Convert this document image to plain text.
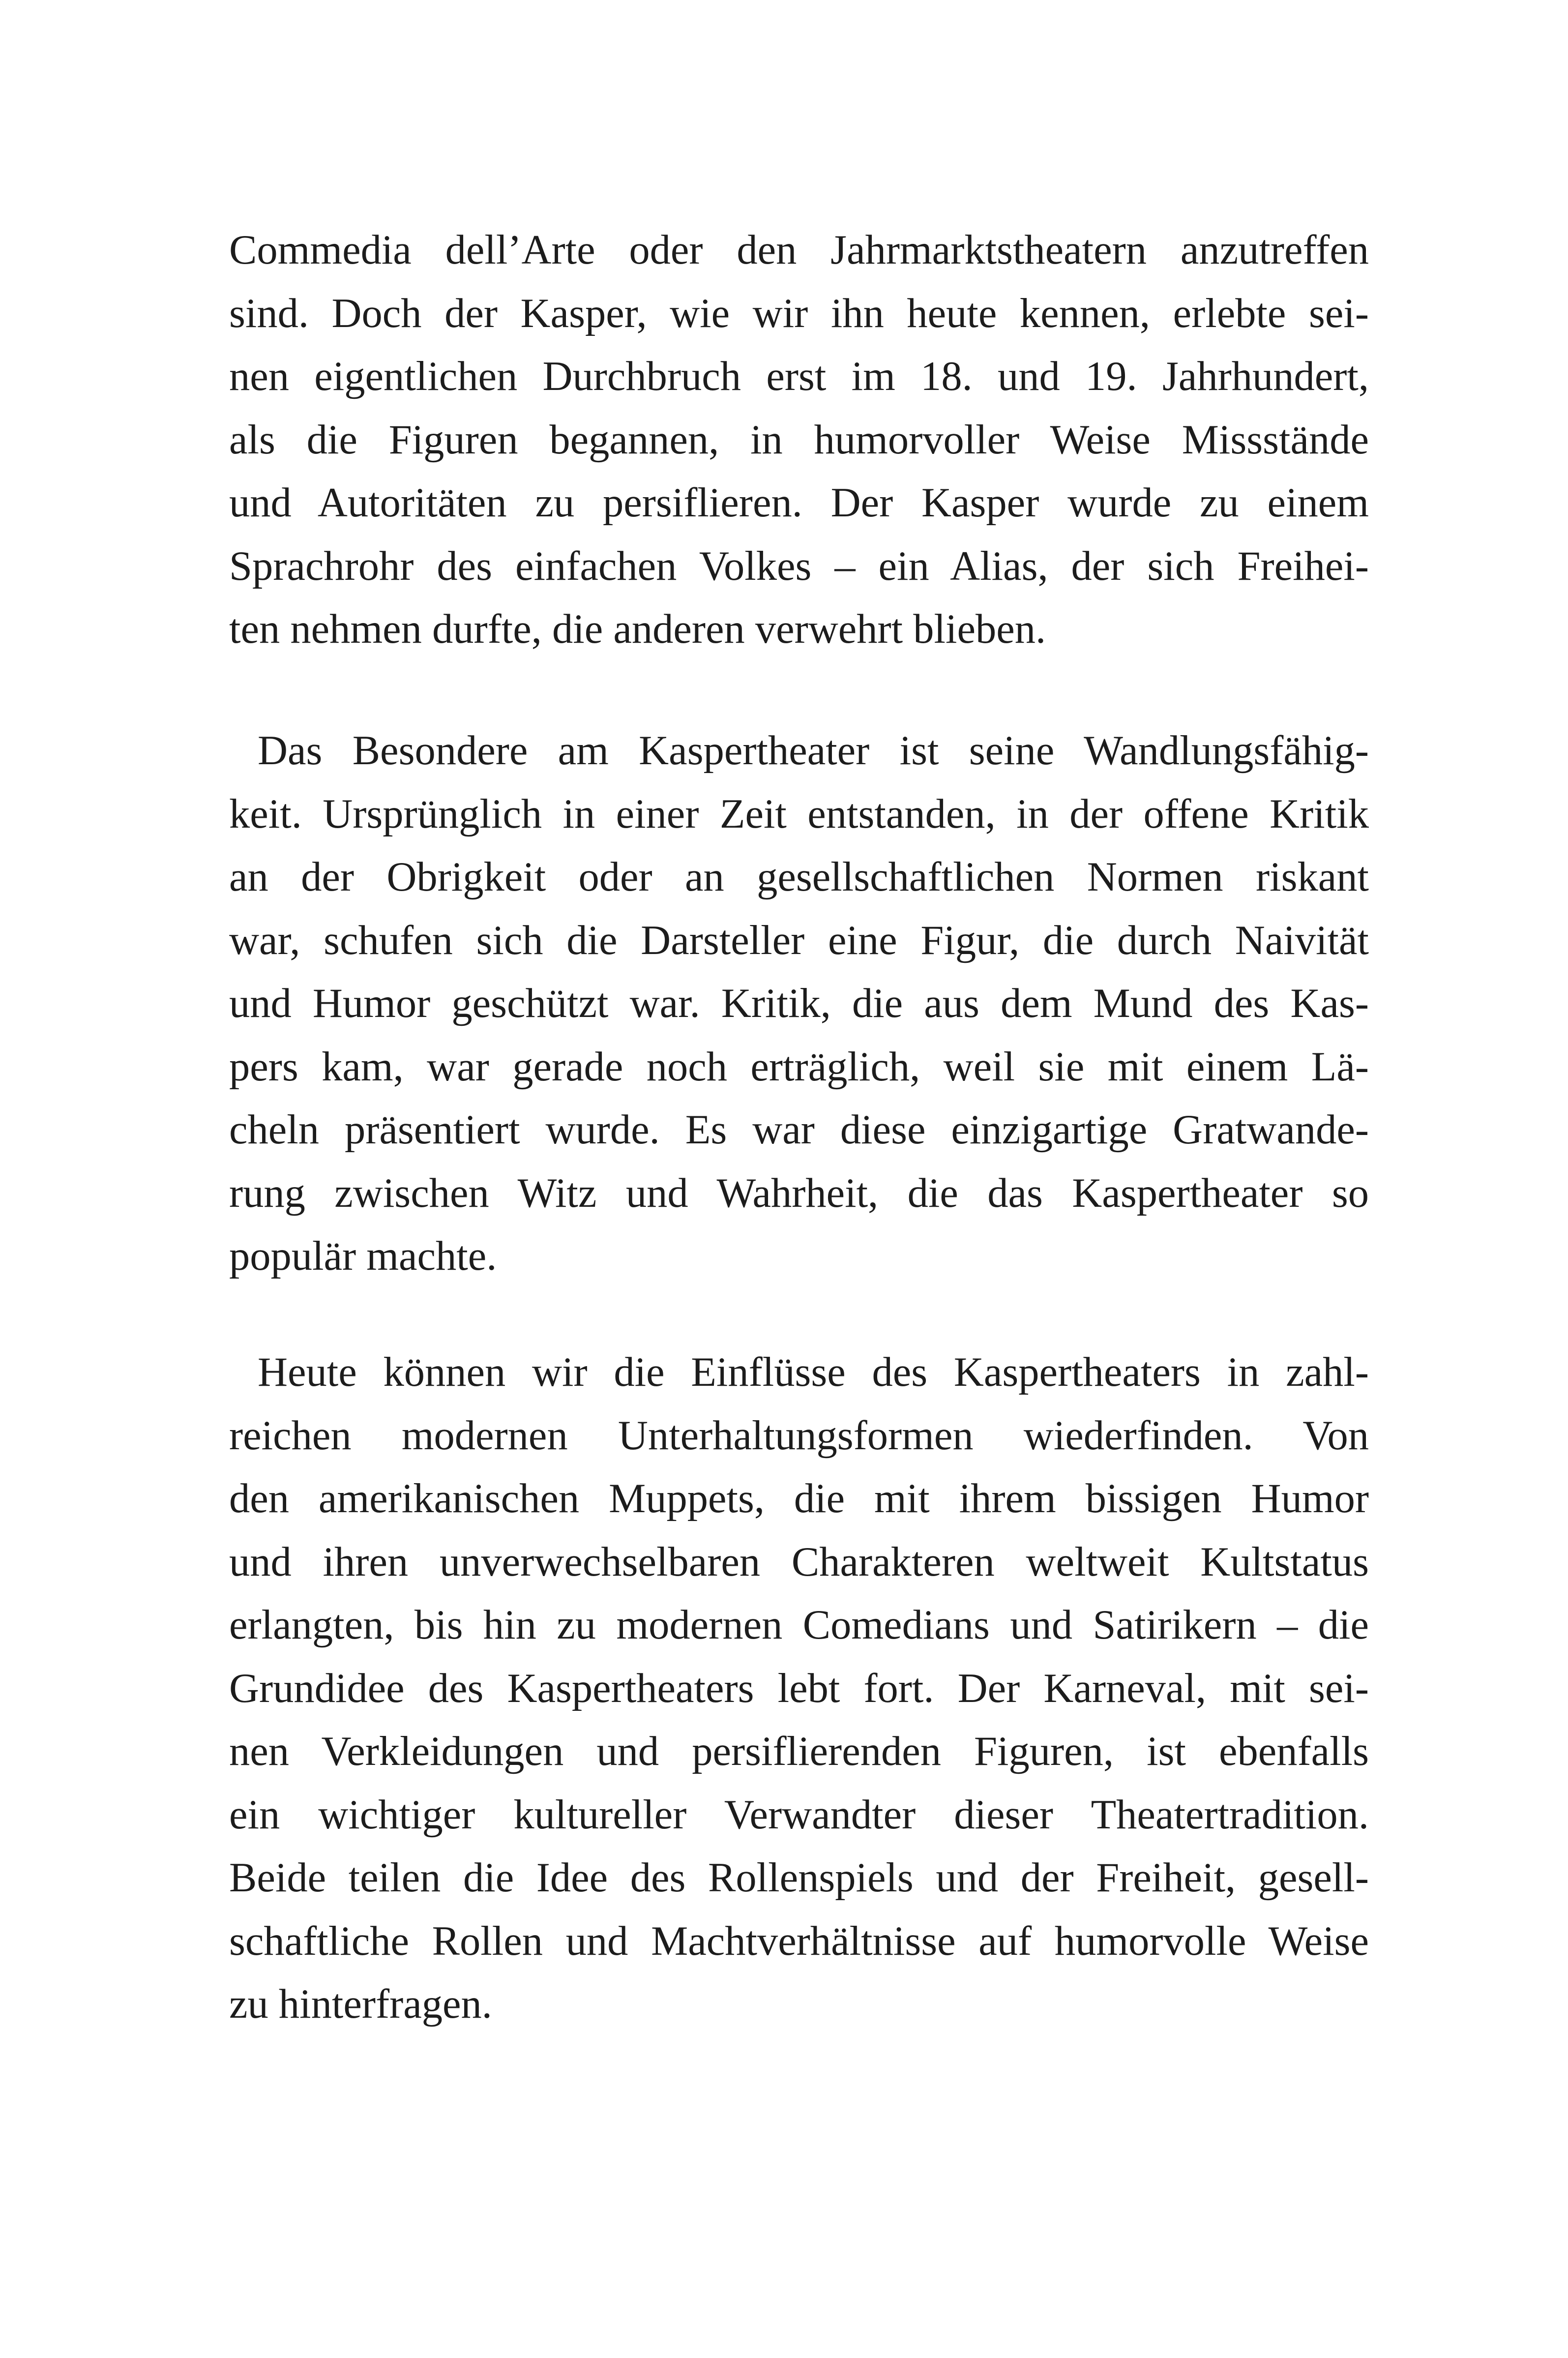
Commedia dell’Arte oder den Jahrmarktstheatern anzutreffen
sind. Doch der Kasper, wie wir ihn heute kennen, erlebte sei-
nen eigentlichen Durchbruch erst im 18. und 19. Jahrhundert,
als die Figuren begannen, in humorvoller Weise Missstände
und Autoritäten zu persiflieren. Der Kasper wurde zu einem
Sprachrohr des einfachen Volkes – ein Alias, der sich Freihei-
ten nehmen durfte, die anderen verwehrt blieben.
Das Besondere am Kaspertheater ist seine Wandlungsfähig-
keit. Ursprünglich in einer Zeit entstanden, in der offene Kritik
an der Obrigkeit oder an gesellschaftlichen Normen riskant
war, schufen sich die Darsteller eine Figur, die durch Naivität
und Humor geschützt war. Kritik, die aus dem Mund des Kas-
pers kam, war gerade noch erträglich, weil sie mit einem Lä-
cheln präsentiert wurde. Es war diese einzigartige Gratwande-
rung zwischen Witz und Wahrheit, die das Kaspertheater so
populär machte.
Heute können wir die Einflüsse des Kaspertheaters in zahl-
reichen modernen Unterhaltungsformen wiederfinden. Von
den amerikanischen Muppets, die mit ihrem bissigen Humor
und ihren unverwechselbaren Charakteren weltweit Kultstatus
erlangten, bis hin zu modernen Comedians und Satirikern – die
Grundidee des Kaspertheaters lebt fort. Der Karneval, mit sei-
nen Verkleidungen und persiflierenden Figuren, ist ebenfalls
ein wichtiger kultureller Verwandter dieser Theatertradition.
Beide teilen die Idee des Rollenspiels und der Freiheit, gesell-
schaftliche Rollen und Machtverhältnisse auf humorvolle Weise
zu hinterfragen.
